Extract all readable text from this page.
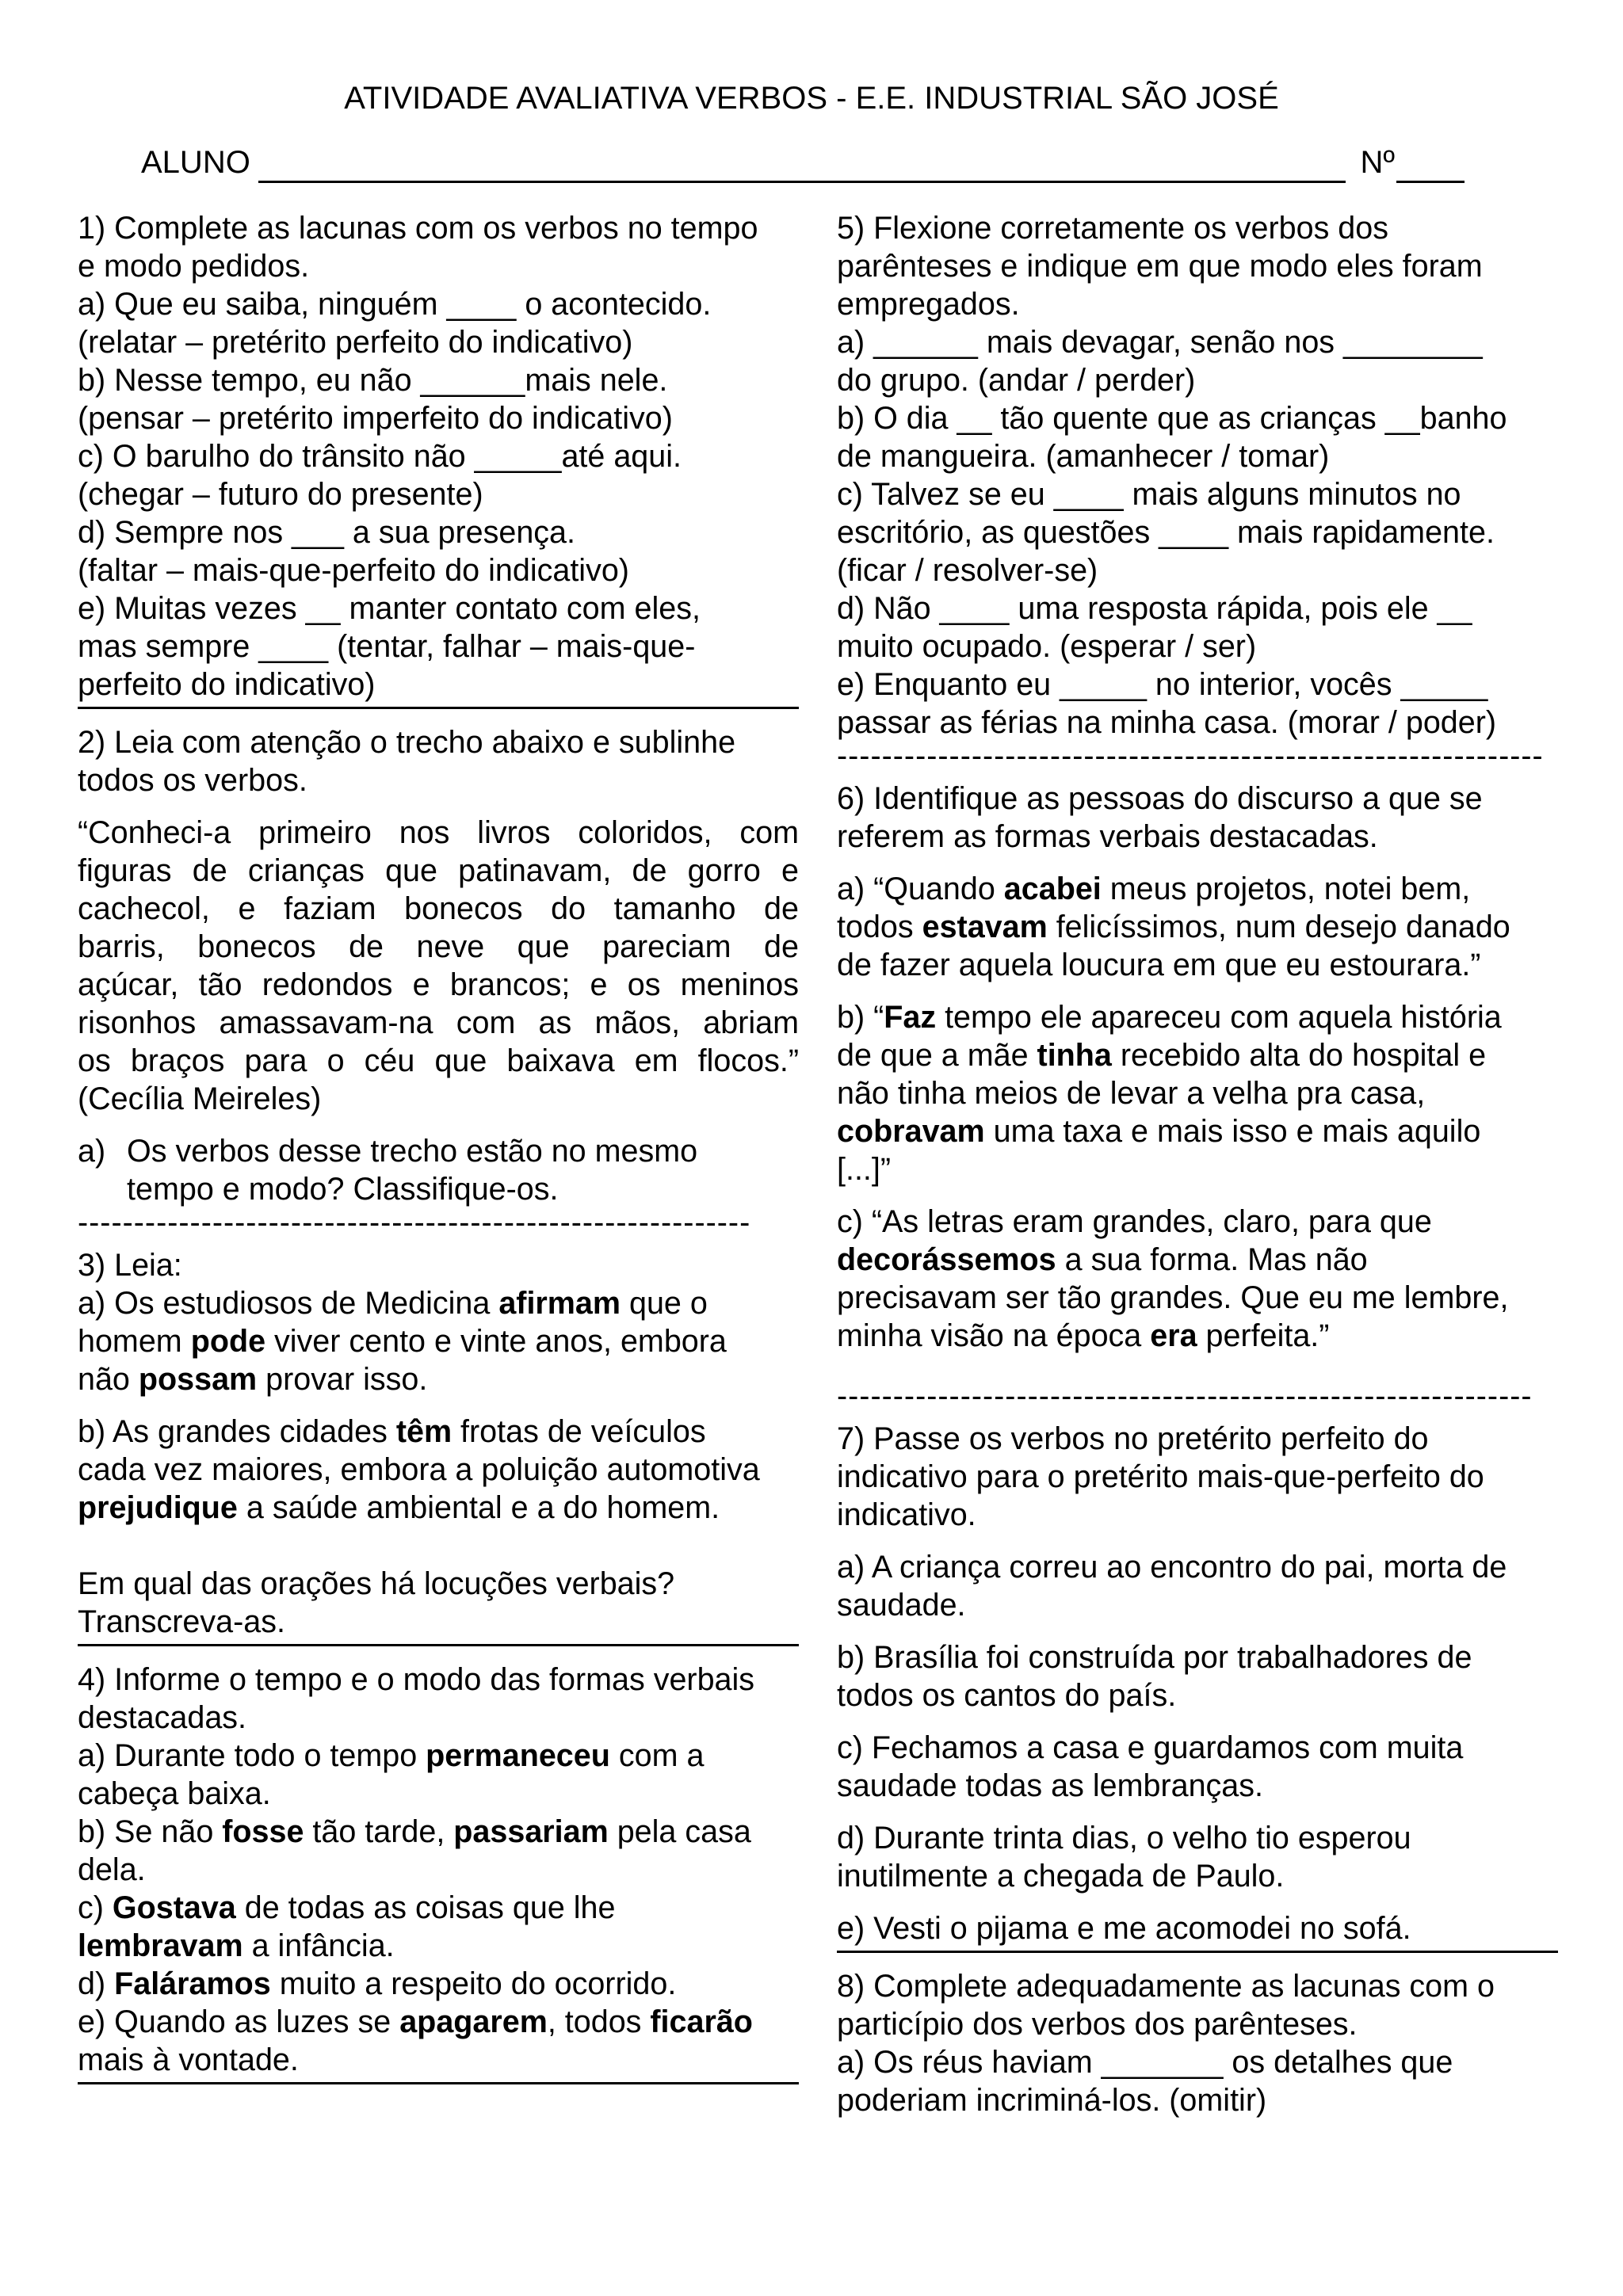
ATIVIDADE AVALIATIVA VERBOS - E.E. INDUSTRIAL SÃO JOSÉ
ALUNO	Nº

1) Complete as lacunas com os verbos no tempo

e modo pedidos.

a) Que eu saiba, ninguém ____ o acontecido.

(relatar – pretérito perfeito do indicativo)

b) Nesse tempo, eu não ______mais nele.

(pensar – pretérito imperfeito do indicativo)

c) O barulho do trânsito não _____até aqui.

(chegar – futuro do presente)

d) Sempre nos ___ a sua presença.

(faltar – mais-que-perfeito do indicativo)

e) Muitas vezes __ manter contato com eles,

mas sempre ____ (tentar, falhar – mais-que-

perfeito do indicativo)

2) Leia com atenção o trecho abaixo e sublinhe

todos os verbos.

“Conheci-a primeiro nos livros coloridos, com

figuras de crianças que patinavam, de gorro e

cachecol, e faziam bonecos do tamanho de

barris, bonecos de neve que pareciam de

açúcar, tão redondos e brancos; e os meninos

risonhos amassavam-na com as mãos, abriam

os braços para o céu que baixava em flocos.”

(Cecília Meireles)

a) Os verbos desse trecho estão no mesmo

tempo e modo? Classifique-os.

------------------------------------------------------------

3) Leia:

a) Os estudiosos de Medicina afirmam que o

homem pode viver cento e vinte anos, embora

não possam provar isso.

b) As grandes cidades têm frotas de veículos

cada vez maiores, embora a poluição automotiva

prejudique a saúde ambiental e a do homem.

Em qual das orações há locuções verbais?

Transcreva-as.

4) Informe o tempo e o modo das formas verbais

destacadas.

a) Durante todo o tempo permaneceu com a

cabeça baixa.

b) Se não fosse tão tarde, passariam pela casa

dela.

c) Gostava de todas as coisas que lhe

lembravam a infância.

d) Faláramos muito a respeito do ocorrido.

e) Quando as luzes se apagarem, todos ficarão

mais à vontade.

5) Flexione corretamente os verbos dos

parênteses e indique em que modo eles foram

empregados.

a) ______ mais devagar, senão nos ________

do grupo. (andar / perder)

b) O dia __ tão quente que as crianças __banho

de mangueira. (amanhecer / tomar)

c) Talvez se eu ____ mais alguns minutos no

escritório, as questões ____ mais rapidamente.

(ficar / resolver-se)

d) Não ____ uma resposta rápida, pois ele __

muito ocupado. (esperar / ser)

e) Enquanto eu _____ no interior, vocês _____

passar as férias na minha casa. (morar / poder)

---------------------------------------------------------------

6) Identifique as pessoas do discurso a que se

referem as formas verbais destacadas.

a) “Quando acabei meus projetos, notei bem,

todos estavam felicíssimos, num desejo danado

de fazer aquela loucura em que eu estourara.”

b) “Faz tempo ele apareceu com aquela história

de que a mãe tinha recebido alta do hospital e

não tinha meios de levar a velha pra casa,

cobravam uma taxa e mais isso e mais aquilo

[...]”

c) “As letras eram grandes, claro, para que

decorássemos a sua forma. Mas não

precisavam ser tão grandes. Que eu me lembre,

minha visão na época era perfeita.”

--------------------------------------------------------------

7) Passe os verbos no pretérito perfeito do

indicativo para o pretérito mais-que-perfeito do

indicativo.

a) A criança correu ao encontro do pai, morta de

saudade.

b) Brasília foi construída por trabalhadores de

todos os cantos do país.

c) Fechamos a casa e guardamos com muita

saudade todas as lembranças.

d) Durante trinta dias, o velho tio esperou

inutilmente a chegada de Paulo.

e) Vesti o pijama e me acomodei no sofá.

8) Complete adequadamente as lacunas com o

particípio dos verbos dos parênteses.

a) Os réus haviam _______ os detalhes que

poderiam incriminá-los. (omitir)
